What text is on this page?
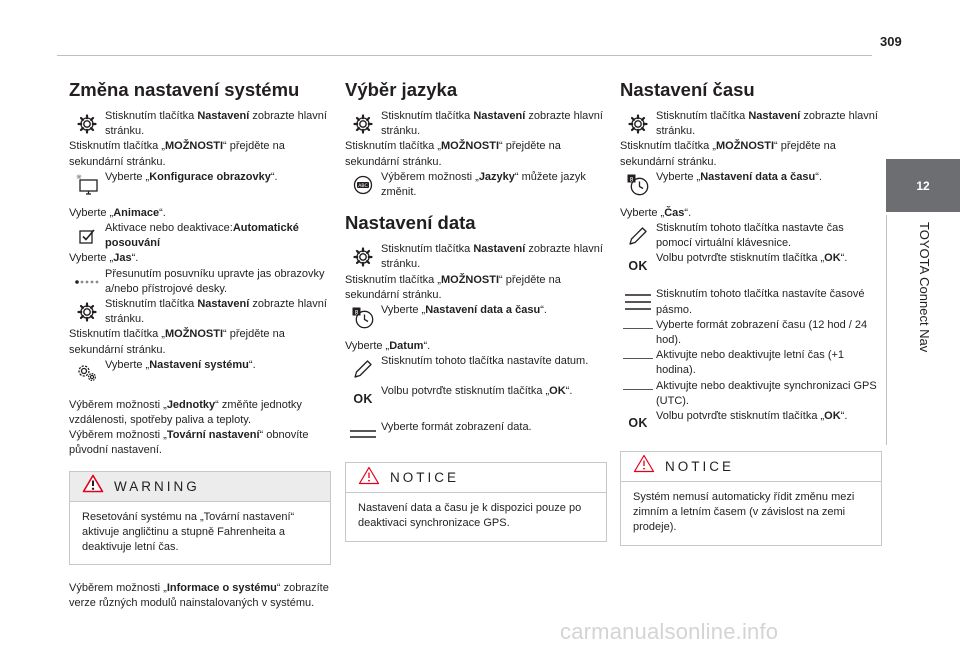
309
12
TOYOTA Connect Nav
Změna nastavení systému
Stisknutím tlačítka Nastavení zobrazte hlavní stránku.

Stisknutím tlačítka „MOŽNOSTI“ přejděte na sekundární stránku.

Vyberte „Konfigurace obrazovky“.

Vyberte „Animace“.

Aktivace nebo deaktivace:Automatické posouvání

Vyberte „Jas“.

Přesunutím posuvníku upravte jas obrazovky a/nebo přístrojové desky.
Stisknutím tlačítka Nastavení zobrazte hlavní stránku.

Stisknutím tlačítka „MOŽNOSTI“ přejděte na sekundární stránku.

Vyberte „Nastavení systému“.

Výběrem možnosti „Jednotky“ změňte jednotky vzdálenosti, spotřeby paliva a teploty.

Výběrem možnosti „Tovární nastavení“ obnovíte původní nastavení.

WARNING
Resetování systému na „Tovární nastavení“ aktivuje angličtinu a stupně Fahrenheita a deaktivuje letní čas.

Výběrem možnosti „Informace o systému“ zobrazíte verze různých modulů nainstalovaných v systému.

Výběr jazyka
Stisknutím tlačítka Nastavení zobrazte hlavní stránku.

Stisknutím tlačítka „MOŽNOSTI“ přejděte na sekundární stránku.

ABC
Výběrem možnosti „Jazyky“ můžete jazyk změnit.
Nastavení data
Stisknutím tlačítka Nastavení zobrazte hlavní stránku.

Stisknutím tlačítka „MOŽNOSTI“ přejděte na sekundární stránku.

8 Vyberte „Nastavení data a času“.

Vyberte „Datum“.

Stisknutím tohoto tlačítka nastavíte datum.
OK
Volbu potvrďte stisknutím tlačítka „OK“.
Vyberte formát zobrazení data.
NOTICE
Nastavení data a času je k dispozici pouze po deaktivaci synchronizace GPS.
Nastavení času
Stisknutím tlačítka Nastavení zobrazte hlavní stránku.

Stisknutím tlačítka „MOŽNOSTI“ přejděte na sekundární stránku.

8 Vyberte „Nastavení data a času“.

Vyberte „Čas“.

Stisknutím tohoto tlačítka nastavte čas pomocí virtuální klávesnice.
OK
Volbu potvrďte stisknutím tlačítka „OK“.
Stisknutím tohoto tlačítka nastavíte časové pásmo.
Vyberte formát zobrazení času (12 hod / 24 hod).
Aktivujte nebo deaktivujte letní čas (+1 hodina).
Aktivujte nebo deaktivujte synchronizaci GPS (UTC).
OK
Volbu potvrďte stisknutím tlačítka „OK“.
NOTICE
Systém nemusí automaticky řídit změnu mezi zimním a letním časem (v závislost na zemi prodeje).
carmanualsonline.info
